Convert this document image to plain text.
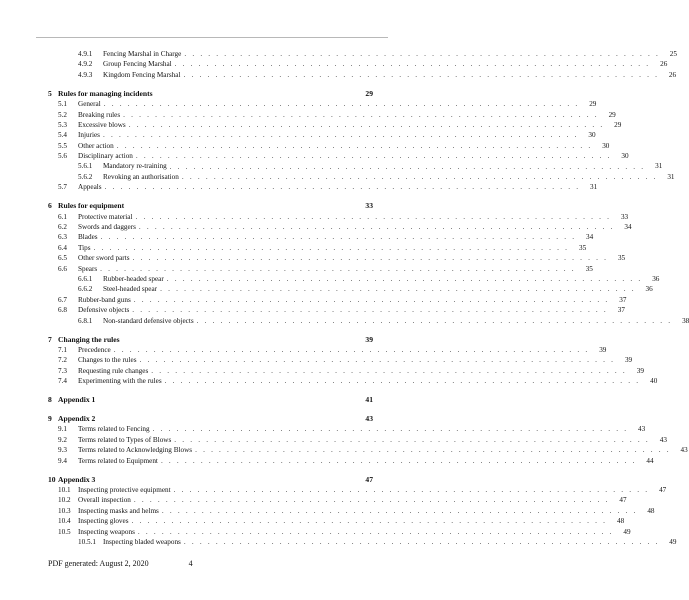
4.9.1	Fencing Marshal in Charge . . . . . . . . . . . . . . . . . . . . . . . . . . . . . . . . . . . . . . . . . . . . . . . . . . . . . . . . . . . .	25
4.9.2	Group Fencing Marshal . . . . . . . . . . . . . . . . . . . . . . . . . . . . . . . . . . . . . . . . . . . . . . . . . . . . . . . . . . . .	26
4.9.3	Kingdom Fencing Marshal . . . . . . . . . . . . . . . . . . . . . . . . . . . . . . . . . . . . . . . . . . . . . . . . . . . . . . . . . . . .	26
5 Rules for managing incidents	29
5.1	General . . . . . . . . . . . . . . . . . . . . . . . . . . . . . . . . . . . . . . . . . . . . . . . . . . . . . . . . . . . .	29
5.2	Breaking rules . . . . . . . . . . . . . . . . . . . . . . . . . . . . . . . . . . . . . . . . . . . . . . . . . . . . . . . . . . . .	29
5.3	Excessive blows . . . . . . . . . . . . . . . . . . . . . . . . . . . . . . . . . . . . . . . . . . . . . . . . . . . . . . . . . . . .	29
5.4	Injuries . . . . . . . . . . . . . . . . . . . . . . . . . . . . . . . . . . . . . . . . . . . . . . . . . . . . . . . . . . . .	30
5.5	Other action . . . . . . . . . . . . . . . . . . . . . . . . . . . . . . . . . . . . . . . . . . . . . . . . . . . . . . . . . . . .	30
5.6	Disciplinary action . . . . . . . . . . . . . . . . . . . . . . . . . . . . . . . . . . . . . . . . . . . . . . . . . . . . . . . . . . . .	30
5.6.1	Mandatory re-training . . . . . . . . . . . . . . . . . . . . . . . . . . . . . . . . . . . . . . . . . . . . . . . . . . . . . . . . . . . .	31
5.6.2	Revoking an authorisation . . . . . . . . . . . . . . . . . . . . . . . . . . . . . . . . . . . . . . . . . . . . . . . . . . . . . . . . . . . .	31
5.7	Appeals . . . . . . . . . . . . . . . . . . . . . . . . . . . . . . . . . . . . . . . . . . . . . . . . . . . . . . . . . . . .	31
6 Rules for equipment	33
6.1	Protective material . . . . . . . . . . . . . . . . . . . . . . . . . . . . . . . . . . . . . . . . . . . . . . . . . . . . . . . . . . . .	33
6.2	Swords and daggers . . . . . . . . . . . . . . . . . . . . . . . . . . . . . . . . . . . . . . . . . . . . . . . . . . . . . . . . . . . .	34
6.3	Blades . . . . . . . . . . . . . . . . . . . . . . . . . . . . . . . . . . . . . . . . . . . . . . . . . . . . . . . . . . . .	34
6.4	Tips . . . . . . . . . . . . . . . . . . . . . . . . . . . . . . . . . . . . . . . . . . . . . . . . . . . . . . . . . . . .	35
6.5	Other sword parts . . . . . . . . . . . . . . . . . . . . . . . . . . . . . . . . . . . . . . . . . . . . . . . . . . . . . . . . . . . .	35
6.6	Spears . . . . . . . . . . . . . . . . . . . . . . . . . . . . . . . . . . . . . . . . . . . . . . . . . . . . . . . . . . . .	35
6.6.1	Rubber-headed spear . . . . . . . . . . . . . . . . . . . . . . . . . . . . . . . . . . . . . . . . . . . . . . . . . . . . . . . . . . . .	36
6.6.2	Steel-headed spear . . . . . . . . . . . . . . . . . . . . . . . . . . . . . . . . . . . . . . . . . . . . . . . . . . . . . . . . . . . .	36
6.7	Rubber-band guns . . . . . . . . . . . . . . . . . . . . . . . . . . . . . . . . . . . . . . . . . . . . . . . . . . . . . . . . . . . .	37
6.8	Defensive objects . . . . . . . . . . . . . . . . . . . . . . . . . . . . . . . . . . . . . . . . . . . . . . . . . . . . . . . . . . . .	37
6.8.1	Non-standard defensive objects . . . . . . . . . . . . . . . . . . . . . . . . . . . . . . . . . . . . . . . . . . . . . . . . . . . . . . . . . . . .	38
7 Changing the rules	39
7.1	Precedence . . . . . . . . . . . . . . . . . . . . . . . . . . . . . . . . . . . . . . . . . . . . . . . . . . . . . . . . . . . .	39
7.2	Changes to the rules . . . . . . . . . . . . . . . . . . . . . . . . . . . . . . . . . . . . . . . . . . . . . . . . . . . . . . . . . . . .	39
7.3	Requesting rule changes . . . . . . . . . . . . . . . . . . . . . . . . . . . . . . . . . . . . . . . . . . . . . . . . . . . . . . . . . . . .	39
7.4	Experimenting with the rules . . . . . . . . . . . . . . . . . . . . . . . . . . . . . . . . . . . . . . . . . . . . . . . . . . . . . . . . . . . .	40
8 Appendix 1	41
9 Appendix 2	43
9.1	Terms related to Fencing . . . . . . . . . . . . . . . . . . . . . . . . . . . . . . . . . . . . . . . . . . . . . . . . . . . . . . . . . . . .	43
9.2	Terms related to Types of Blows . . . . . . . . . . . . . . . . . . . . . . . . . . . . . . . . . . . . . . . . . . . . . . . . . . . . . . . . . . . .	43
9.3	Terms related to Acknowledging Blows . . . . . . . . . . . . . . . . . . . . . . . . . . . . . . . . . . . . . . . . . . . . . . . . . . . . . . . . . . . .	43
9.4	Terms related to Equipment . . . . . . . . . . . . . . . . . . . . . . . . . . . . . . . . . . . . . . . . . . . . . . . . . . . . . . . . . . . .	44
10 Appendix 3	47
10.1	Inspecting protective equipment . . . . . . . . . . . . . . . . . . . . . . . . . . . . . . . . . . . . . . . . . . . . . . . . . . . . . . . . . . . .	47
10.2	Overall inspection . . . . . . . . . . . . . . . . . . . . . . . . . . . . . . . . . . . . . . . . . . . . . . . . . . . . . . . . . . . .	47
10.3	Inspecting masks and helms . . . . . . . . . . . . . . . . . . . . . . . . . . . . . . . . . . . . . . . . . . . . . . . . . . . . . . . . . . . .	48
10.4	Inspecting gloves . . . . . . . . . . . . . . . . . . . . . . . . . . . . . . . . . . . . . . . . . . . . . . . . . . . . . . . . . . . .	48
10.5	Inspecting weapons . . . . . . . . . . . . . . . . . . . . . . . . . . . . . . . . . . . . . . . . . . . . . . . . . . . . . . . . . . . .	49
10.5.1 Inspecting bladed weapons . . . . . . . . . . . . . . . . . . . . . . . . . . . . . . . . . . . . . . . . . . . . . . . . . . . . . . . . . . . .	49
PDF generated: August 2, 2020	4
